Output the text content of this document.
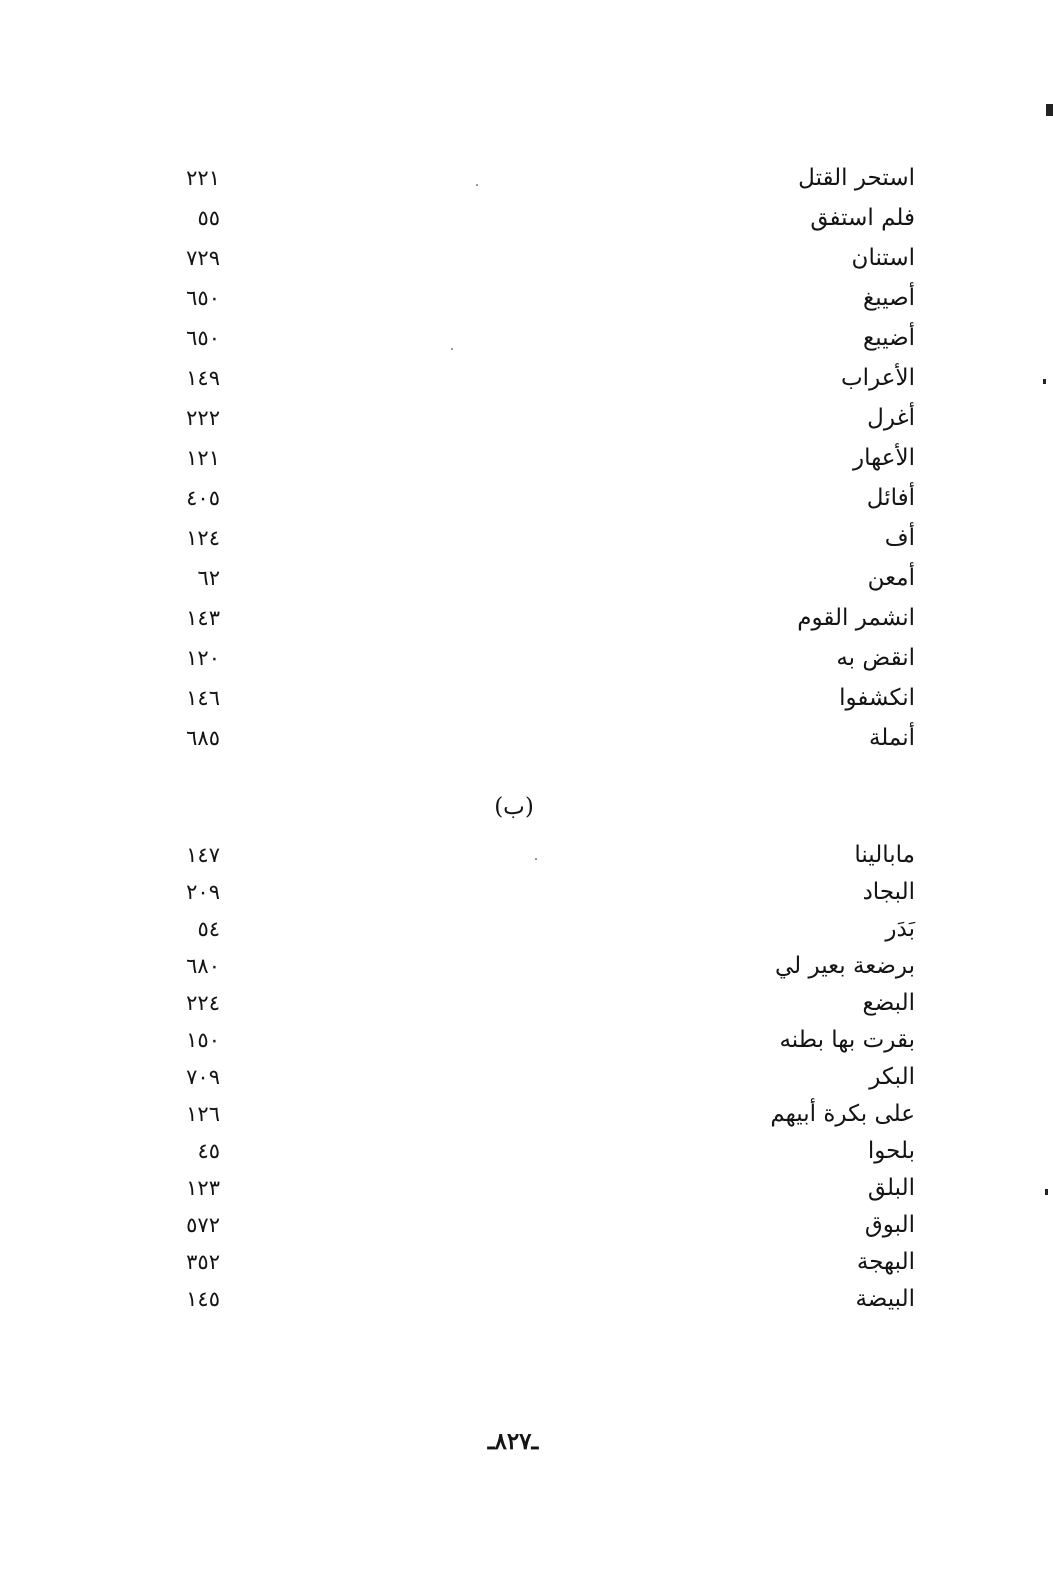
٢٢١	استحر القتل
٥٥	فلم استفق
٧٢٩	استنان
٦٥٠	أصيبغ
٦٥٠	أضيبع
١٤٩	الأعراب
٢٢٢	أغرل
١٢١	الأعهار
٤٠٥	أفائل
١٢٤	أف
٦٢	أمعن
١٤٣	انشمر القوم
١٢٠	انقض به
١٤٦	انكشفوا
٦٨٥	أنملة
(ب)
١٤٧	مابالينا
٢٠٩	البجاد
٥٤	بَدَر
٦٨٠	برضعة بعير لي
٢٢٤	البضع
١٥٠	بقرت بها بطنه
٧٠٩	البكر
١٢٦	على بكرة أبيهم
٤٥	بلحوا
١٢٣	البلق
٥٧٢	البوق
٣٥٢	البهجة
١٤٥	البيضة
ـ٨٢٧ـ
